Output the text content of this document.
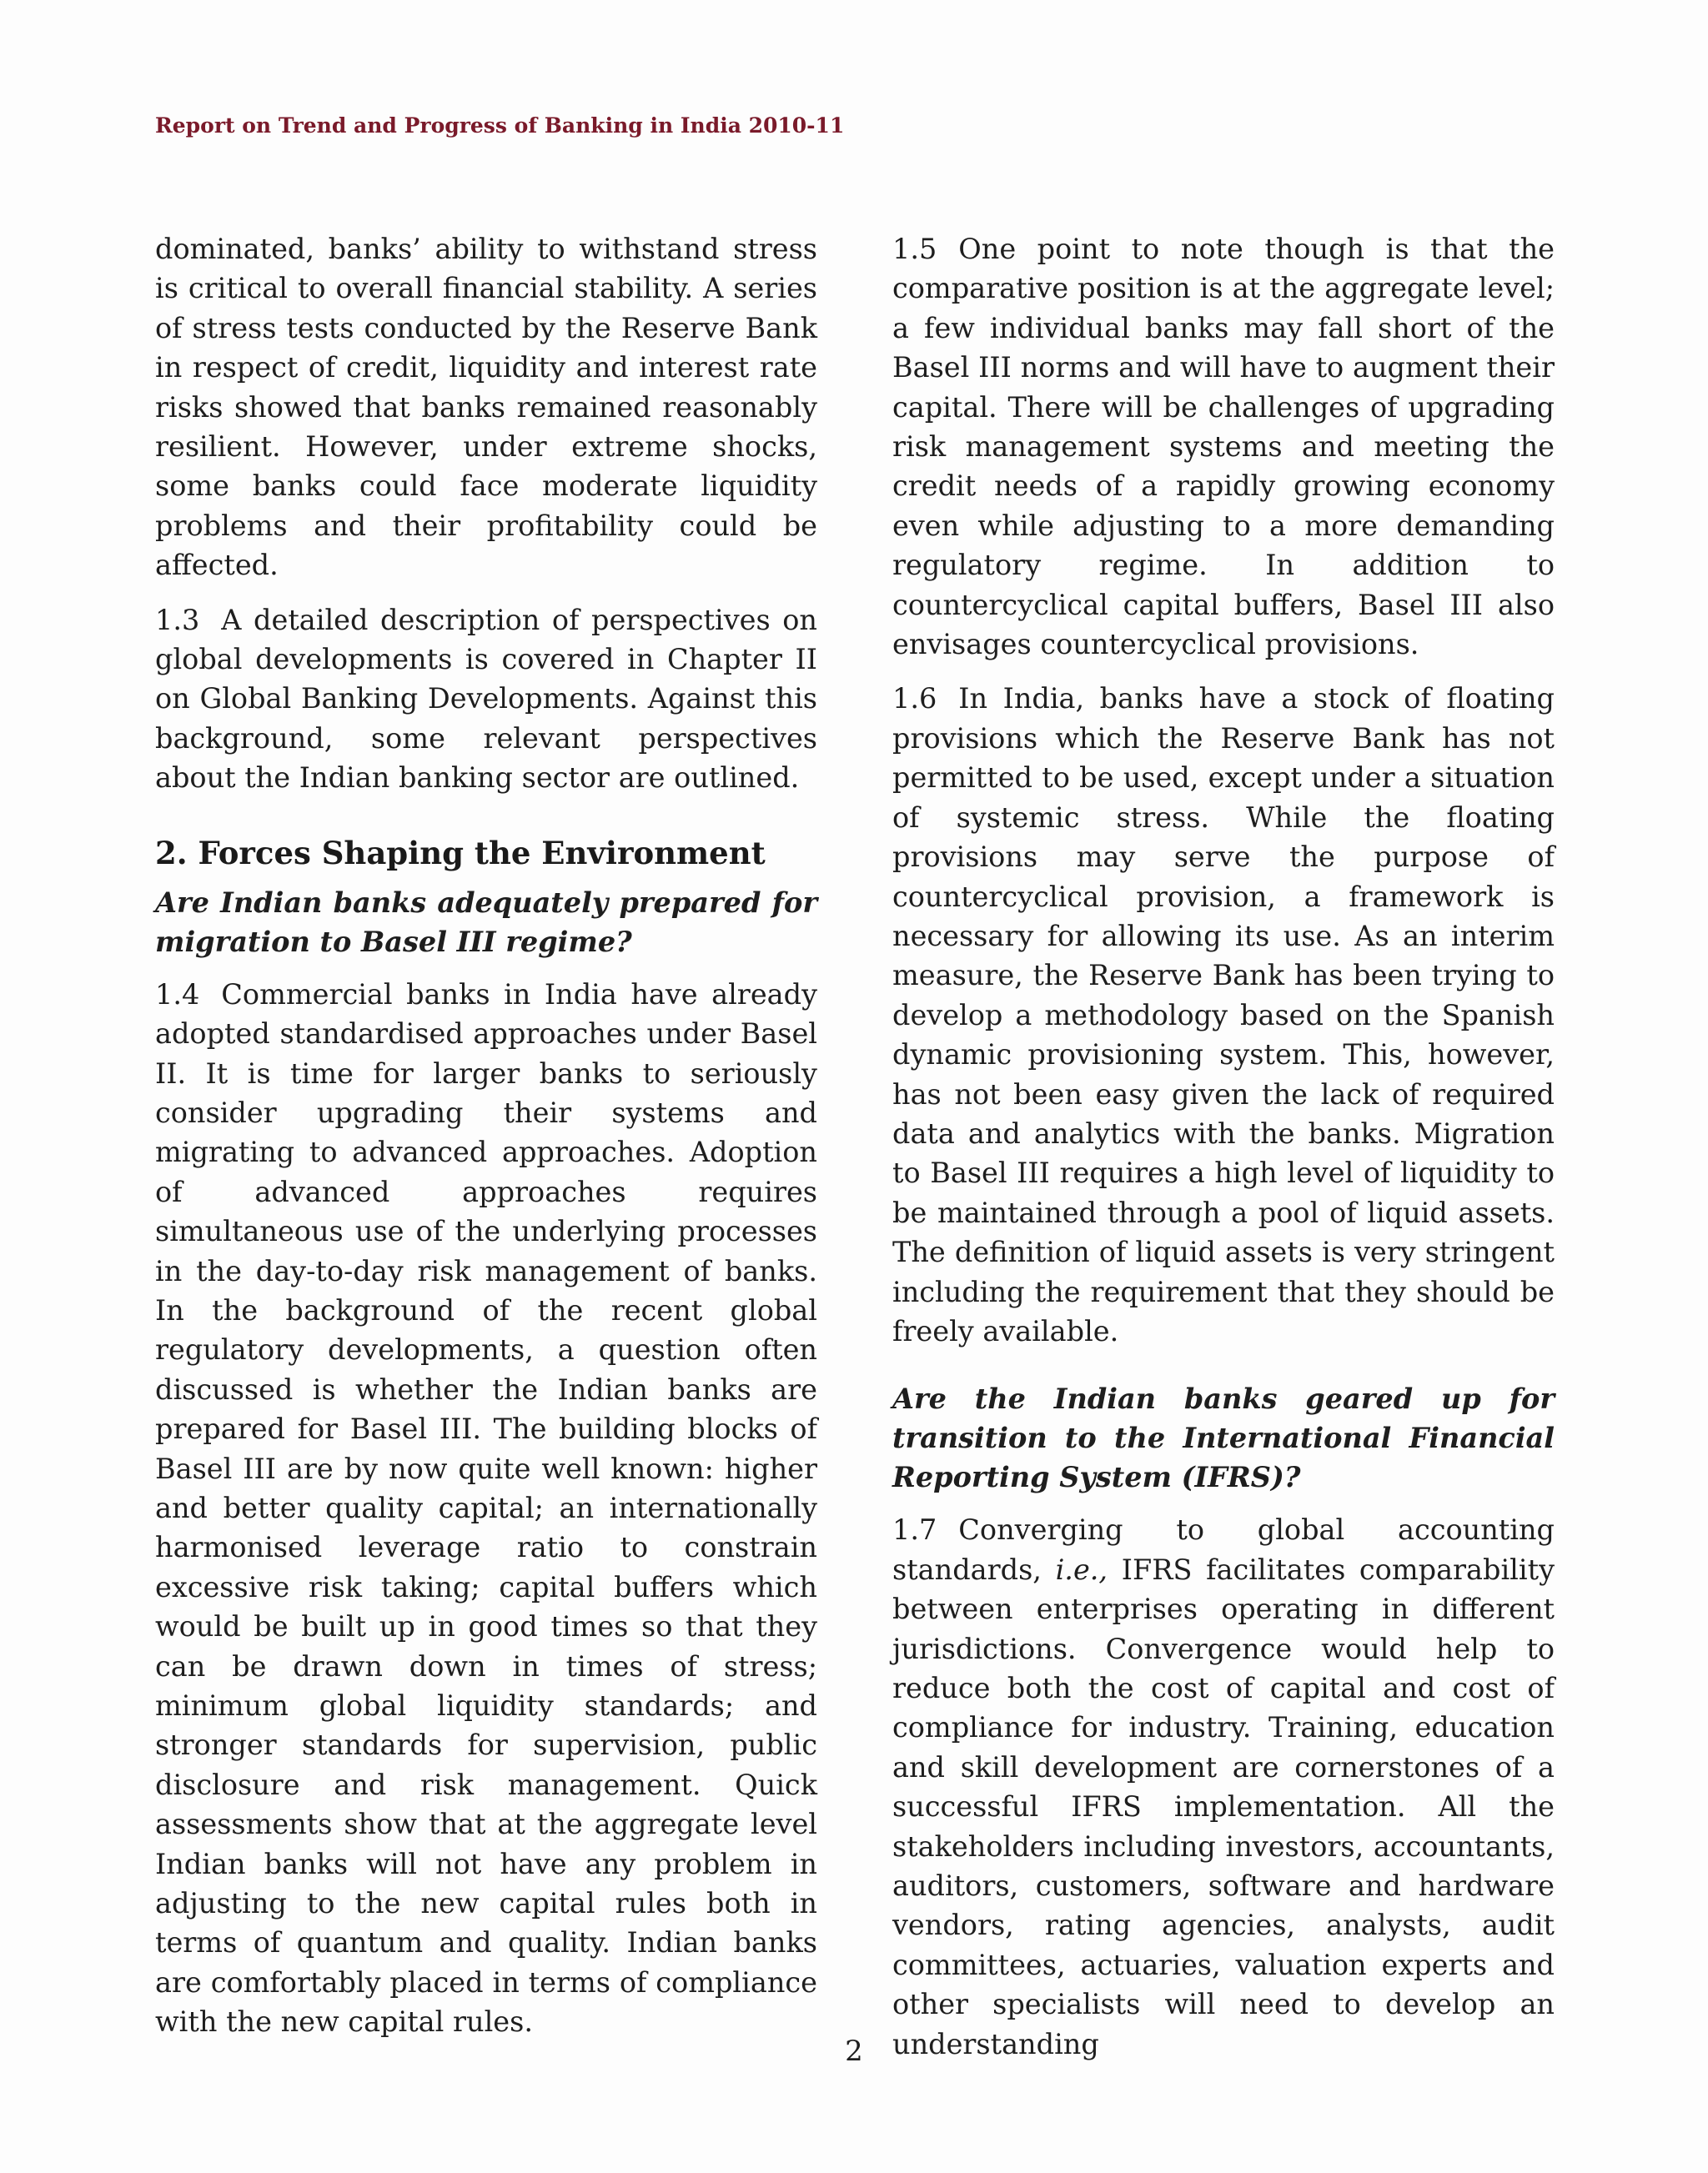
Report on Trend and Progress of Banking in India 2010-11

dominated, banks’ ability to withstand stress is critical to overall financial stability. A series of stress tests conducted by the Reserve Bank in respect of credit, liquidity and interest rate risks showed that banks remained reasonably resilient. However, under extreme shocks, some banks could face moderate liquidity problems and their profitability could be affected.

1.3 A detailed description of perspectives on global developments is covered in Chapter II on Global Banking Developments. Against this background, some relevant perspectives about the Indian banking sector are outlined.

2. Forces Shaping the Environment
Are Indian banks adequately prepared for migration to Basel III regime?

1.4 Commercial banks in India have already adopted standardised approaches under Basel II. It is time for larger banks to seriously consider upgrading their systems and migrating to advanced approaches. Adoption of advanced approaches requires simultaneous use of the underlying processes in the day-to-day risk management of banks. In the background of the recent global regulatory developments, a question often discussed is whether the Indian banks are prepared for Basel III. The building blocks of Basel III are by now quite well known: higher and better quality capital; an internationally harmonised leverage ratio to constrain excessive risk taking; capital buffers which would be built up in good times so that they can be drawn down in times of stress; minimum global liquidity standards; and stronger standards for supervision, public disclosure and risk management. Quick assessments show that at the aggregate level Indian banks will not have any problem in adjusting to the new capital rules both in terms of quantum and quality. Indian banks are comfortably placed in terms of compliance with the new capital rules.

1.5 One point to note though is that the comparative position is at the aggregate level; a few individual banks may fall short of the Basel III norms and will have to augment their capital. There will be challenges of upgrading risk management systems and meeting the credit needs of a rapidly growing economy even while adjusting to a more demanding regulatory regime. In addition to countercyclical capital buffers, Basel III also envisages countercyclical provisions.

1.6 In India, banks have a stock of floating provisions which the Reserve Bank has not permitted to be used, except under a situation of systemic stress. While the floating provisions may serve the purpose of countercyclical provision, a framework is necessary for allowing its use. As an interim measure, the Reserve Bank has been trying to develop a methodology based on the Spanish dynamic provisioning system. This, however, has not been easy given the lack of required data and analytics with the banks. Migration to Basel III requires a high level of liquidity to be maintained through a pool of liquid assets. The definition of liquid assets is very stringent including the requirement that they should be freely available.

Are the Indian banks geared up for transition to the International Financial Reporting System (IFRS)?

1.7 Converging to global accounting standards, i.e., IFRS facilitates comparability between enterprises operating in different jurisdictions. Convergence would help to reduce both the cost of capital and cost of compliance for industry. Training, education and skill development are cornerstones of a successful IFRS implementation. All the stakeholders including investors, accountants, auditors, customers, software and hardware vendors, rating agencies, analysts, audit committees, actuaries, valuation experts and other specialists will need to develop an understanding

2
